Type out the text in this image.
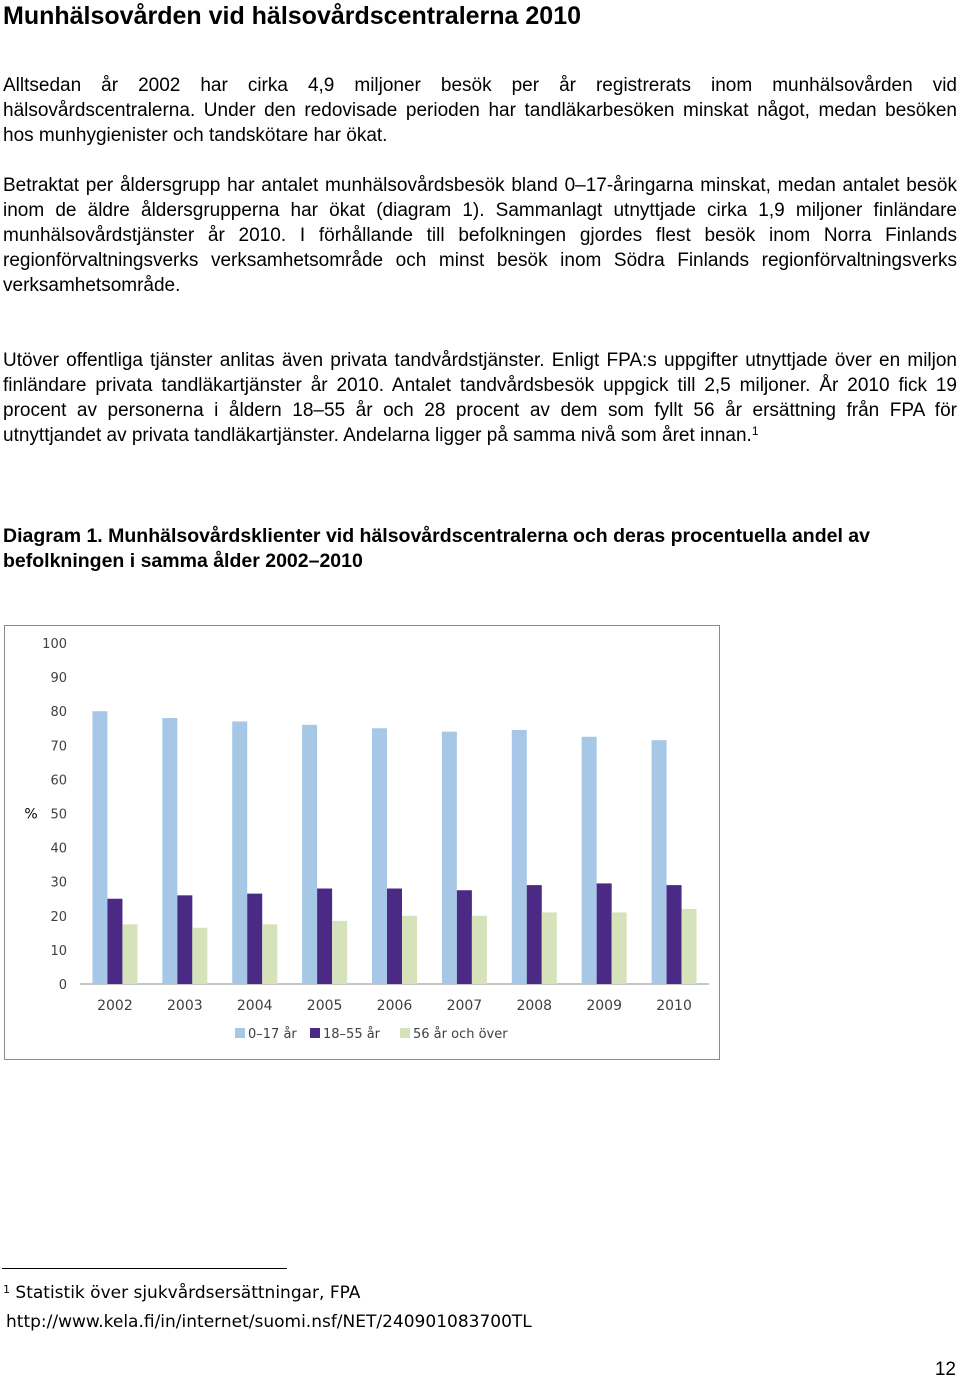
Munhälsovården vid hälsovårdscentralerna 2010

Alltsedan år 2002 har cirka 4,9 miljoner besök per år registrerats inom munhälsovården vid hälsovårdscentralerna. Under den redovisade perioden har tandläkarbesöken minskat något, medan besöken hos munhygienister och tandskötare har ökat.

Betraktat per åldersgrupp har antalet munhälsovårdsbesök bland 0–17-åringarna minskat, medan antalet besök inom de äldre åldersgrupperna har ökat (diagram 1). Sammanlagt utnyttjade cirka 1,9 miljoner finländare munhälsovårdstjänster år 2010. I förhållande till befolkningen gjordes flest besök inom Norra Finlands regionförvaltningsverks verksamhetsområde och minst besök inom Södra Finlands regionförvaltningsverks verksamhetsområde.

Utöver offentliga tjänster anlitas även privata tandvårdstjänster. Enligt FPA:s uppgifter utnyttjade över en miljon finländare privata tandläkartjänster år 2010. Antalet tandvårdsbesök uppgick till 2,5 miljoner. År 2010 fick 19 procent av personerna i åldern 18–55 år och 28 procent av dem som fyllt 56 år ersättning från FPA för utnyttjandet av privata tandläkartjänster. Andelarna ligger på samma nivå som året innan.$^1$

Diagram 1. Munhälsovårdsklienter vid hälsovårdscentralerna och deras procentuella andel av befolkningen i samma ålder 2002–2010

0
10
20
30
40
50
60
70
80
90
100
%
2002 2003 2004 2005 2006 2007 2008 2009 2010
0–17 år 18–55 år	56 år och över
$^1$ Statistik över sjukvårdsersättningar, FPA
http://www.kela.fi/in/internet/suomi.nsf/NET/240901083700TL
12
